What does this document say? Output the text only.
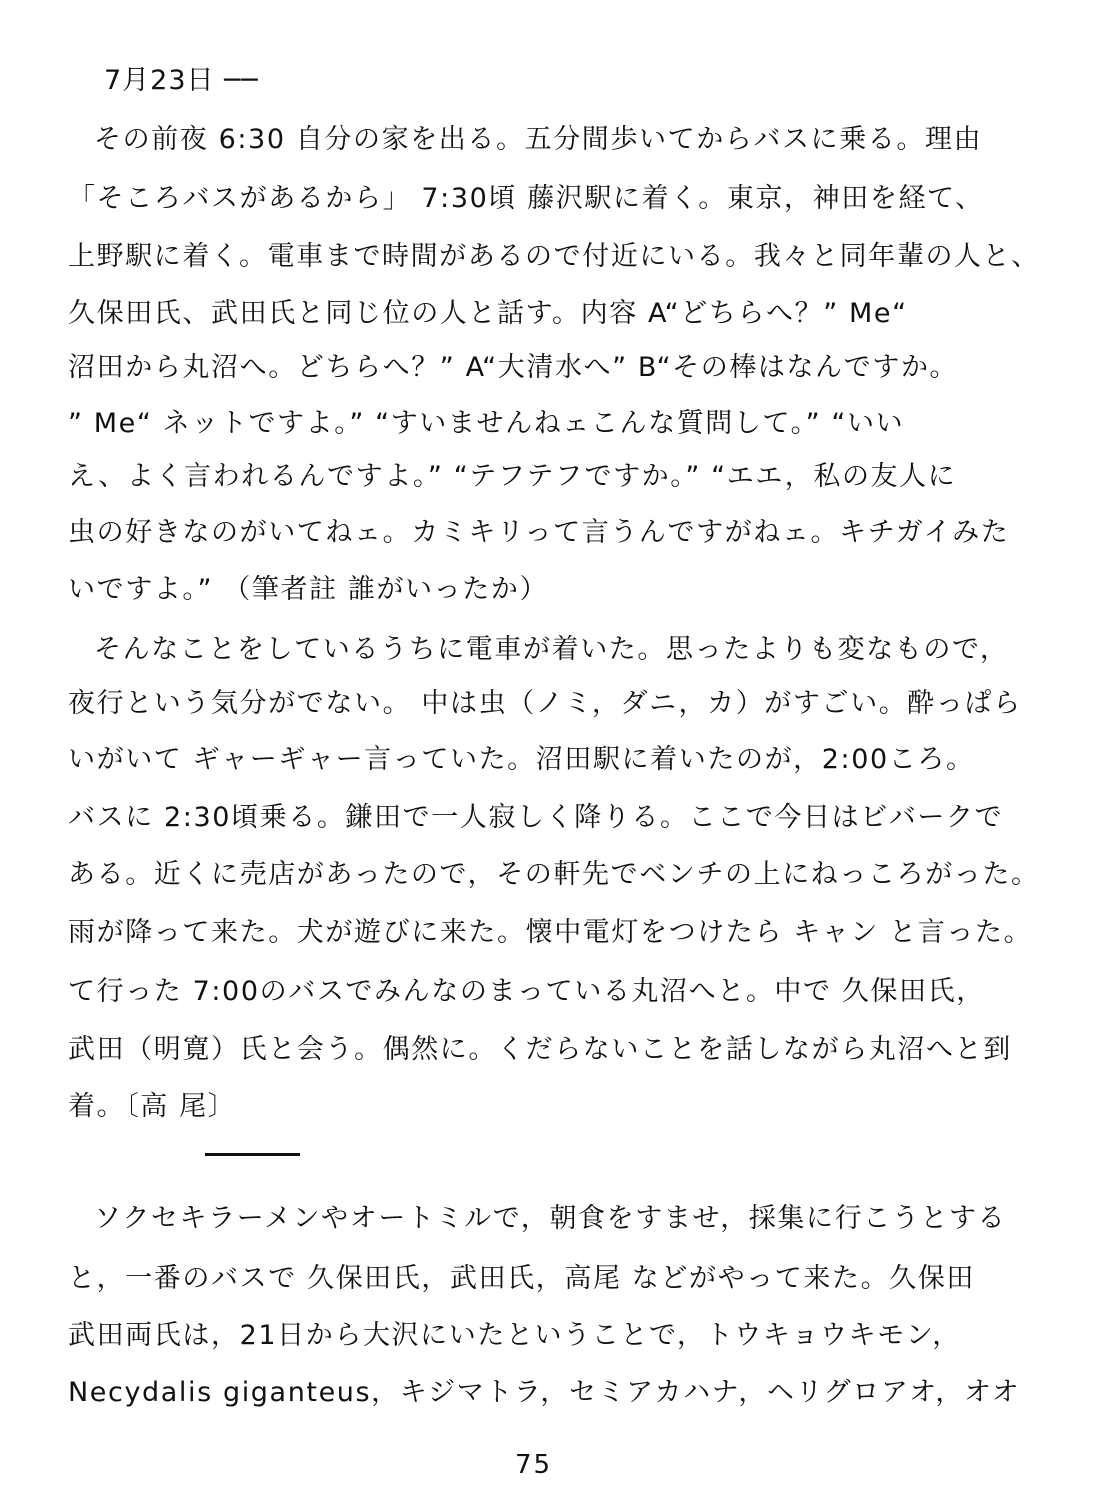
7月23日 ──
その前夜 6:30 自分の家を出る。五分間歩いてからバスに乗る。理由
「そころバスがあるから」 7:30頃 藤沢駅に着く。東京，神田を経て、
上野駅に着く。電車まで時間があるので付近にいる。我々と同年輩の人と、
久保田氏、武田氏と同じ位の人と話す。内容 A“どちらへ？” Me“
沼田から丸沼へ。どちらへ？” A“大清水へ” B“その棒はなんですか。
” Me“ ネットですよ。” “すいませんねェこんな質問して。” “いい
え、よく言われるんですよ。” “テフテフですか。” “エエ，私の友人に
虫の好きなのがいてねェ。カミキリって言うんですがねェ。キチガイみた
いですよ。” （筆者註 誰がいったか）
そんなことをしているうちに電車が着いた。思ったよりも変なもので，
夜行という気分がでない。 中は虫（ノミ，ダニ，カ）がすごい。酔っぱら
いがいて ギャーギャー言っていた。沼田駅に着いたのが，2:00ころ。
バスに 2:30頃乗る。鎌田で一人寂しく降りる。ここで今日はビバークで
ある。近くに売店があったので，その軒先でベンチの上にねっころがった。
雨が降って来た。犬が遊びに来た。懐中電灯をつけたら キャン と言った。
て行った 7:00のバスでみんなのまっている丸沼へと。中で 久保田氏，
武田（明寛）氏と会う。偶然に。くだらないことを話しながら丸沼へと到
着。〔高 尾〕
ソクセキラーメンやオートミルで，朝食をすませ，採集に行こうとする
と，一番のバスで 久保田氏，武田氏，高尾 などがやって来た。久保田
武田両氏は，21日から大沢にいたということで，トウキョウキモン，
Necydalis giganteus，キジマトラ，セミアカハナ，ヘリグロアオ，オオ
75
